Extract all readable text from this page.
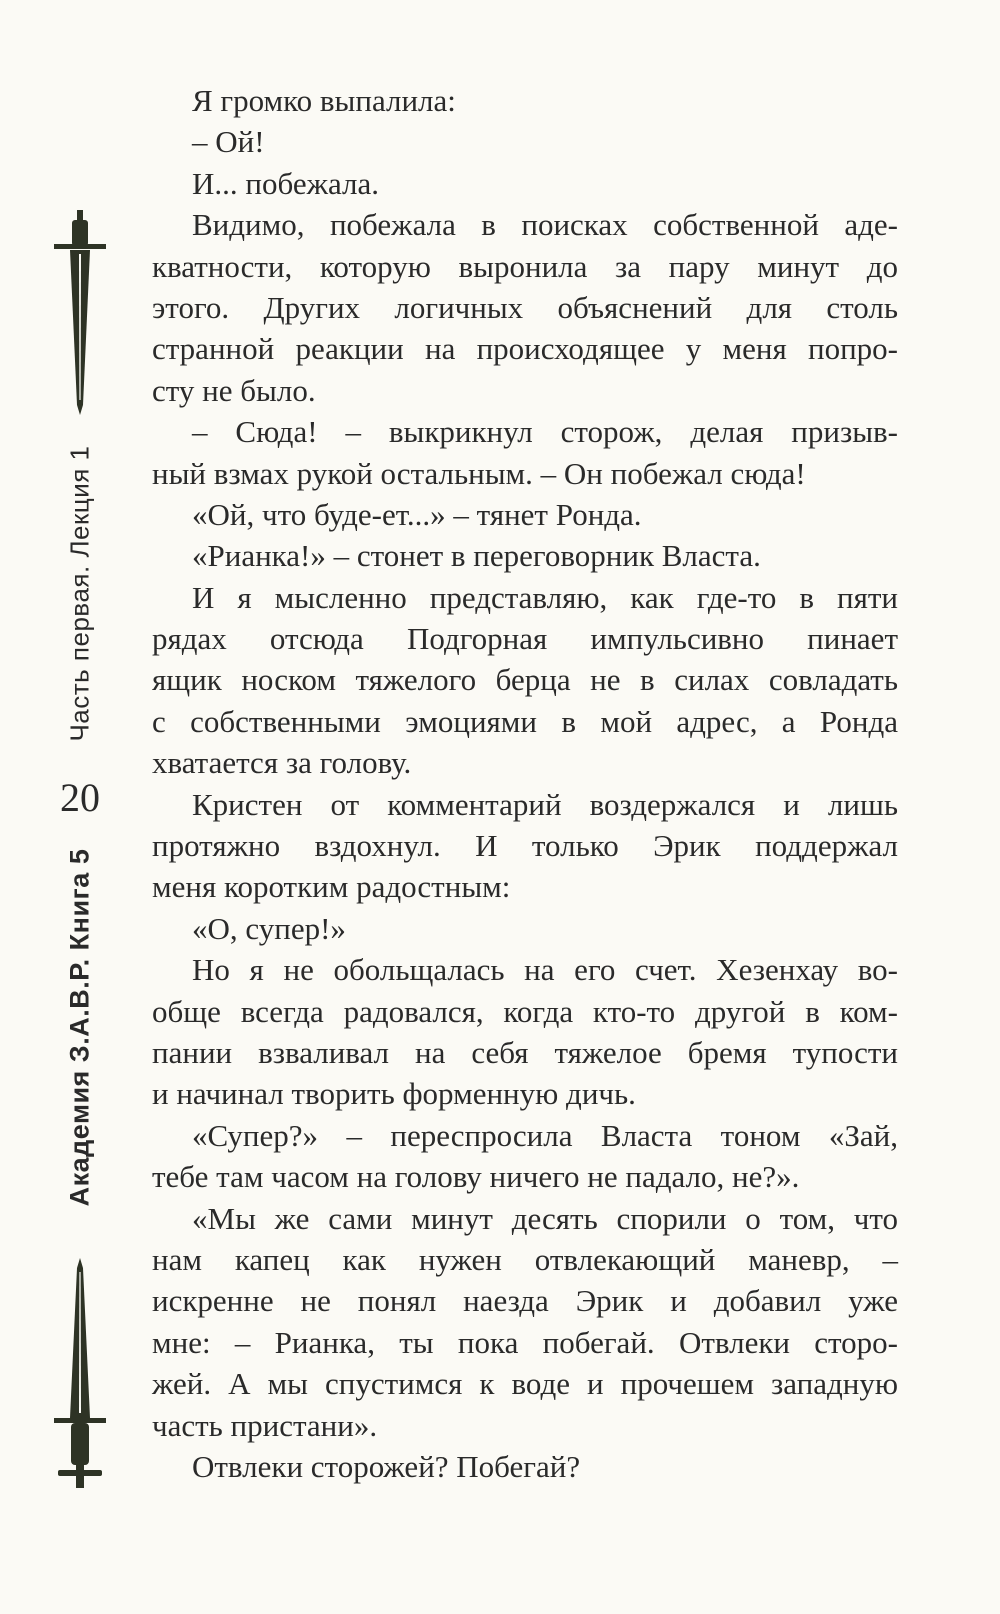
Часть первая. Лекция 1
20
Академия З.А.В.Р. Книга 5
Я громко выпалила:
– Ой!
И... побежала.
Видимо, побежала в поисках собственной аде-
кватности, которую выронила за пару минут до
этого. Других логичных объяснений для столь
странной реакции на происходящее у меня попро-
сту не было.
– Сюда! – выкрикнул сторож, делая призыв-
ный взмах рукой остальным. – Он побежал сюда!
«Ой, что буде-ет...» – тянет Ронда.
«Рианка!» – стонет в переговорник Власта.
И я мысленно представляю, как где-то в пяти
рядах отсюда Подгорная импульсивно пинает
ящик носком тяжелого берца не в силах совладать
с собственными эмоциями в мой адрес, а Ронда
хватается за голову.
Кристен от комментарий воздержался и лишь
протяжно вздохнул. И только Эрик поддержал
меня коротким радостным:
«О, супер!»
Но я не обольщалась на его счет. Хезенхау во-
обще всегда радовался, когда кто-то другой в ком-
пании взваливал на себя тяжелое бремя тупости
и начинал творить форменную дичь.
«Супер?» – переспросила Власта тоном «Зай,
тебе там часом на голову ничего не падало, не?».
«Мы же сами минут десять спорили о том, что
нам капец как нужен отвлекающий маневр, –
искренне не понял наезда Эрик и добавил уже
мне: – Рианка, ты пока побегай. Отвлеки сторо-
жей. А мы спустимся к воде и прочешем западную
часть пристани».
Отвлеки сторожей? Побегай?
